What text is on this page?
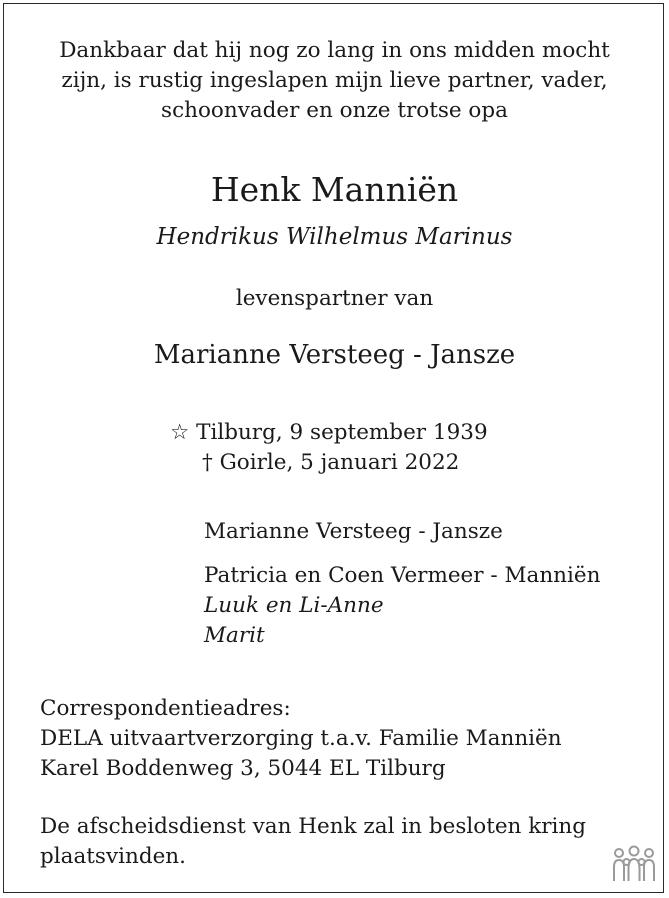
Dankbaar dat hij nog zo lang in ons midden mocht
zijn, is rustig ingeslapen mijn lieve partner, vader,
schoonvader en onze trotse opa
Henk Manniën
Hendrikus Wilhelmus Marinus
levenspartner van
Marianne Versteeg - Jansze
☆ Tilburg, 9 september 1939
† Goirle, 5 januari 2022
Marianne Versteeg - Jansze
Patricia en Coen Vermeer - Manniën
Luuk en Li-Anne
Marit
Correspondentieadres:
DELA uitvaartverzorging t.a.v. Familie Manniën
Karel Boddenweg 3, 5044 EL Tilburg
De afscheidsdienst van Henk zal in besloten kring
plaatsvinden.
